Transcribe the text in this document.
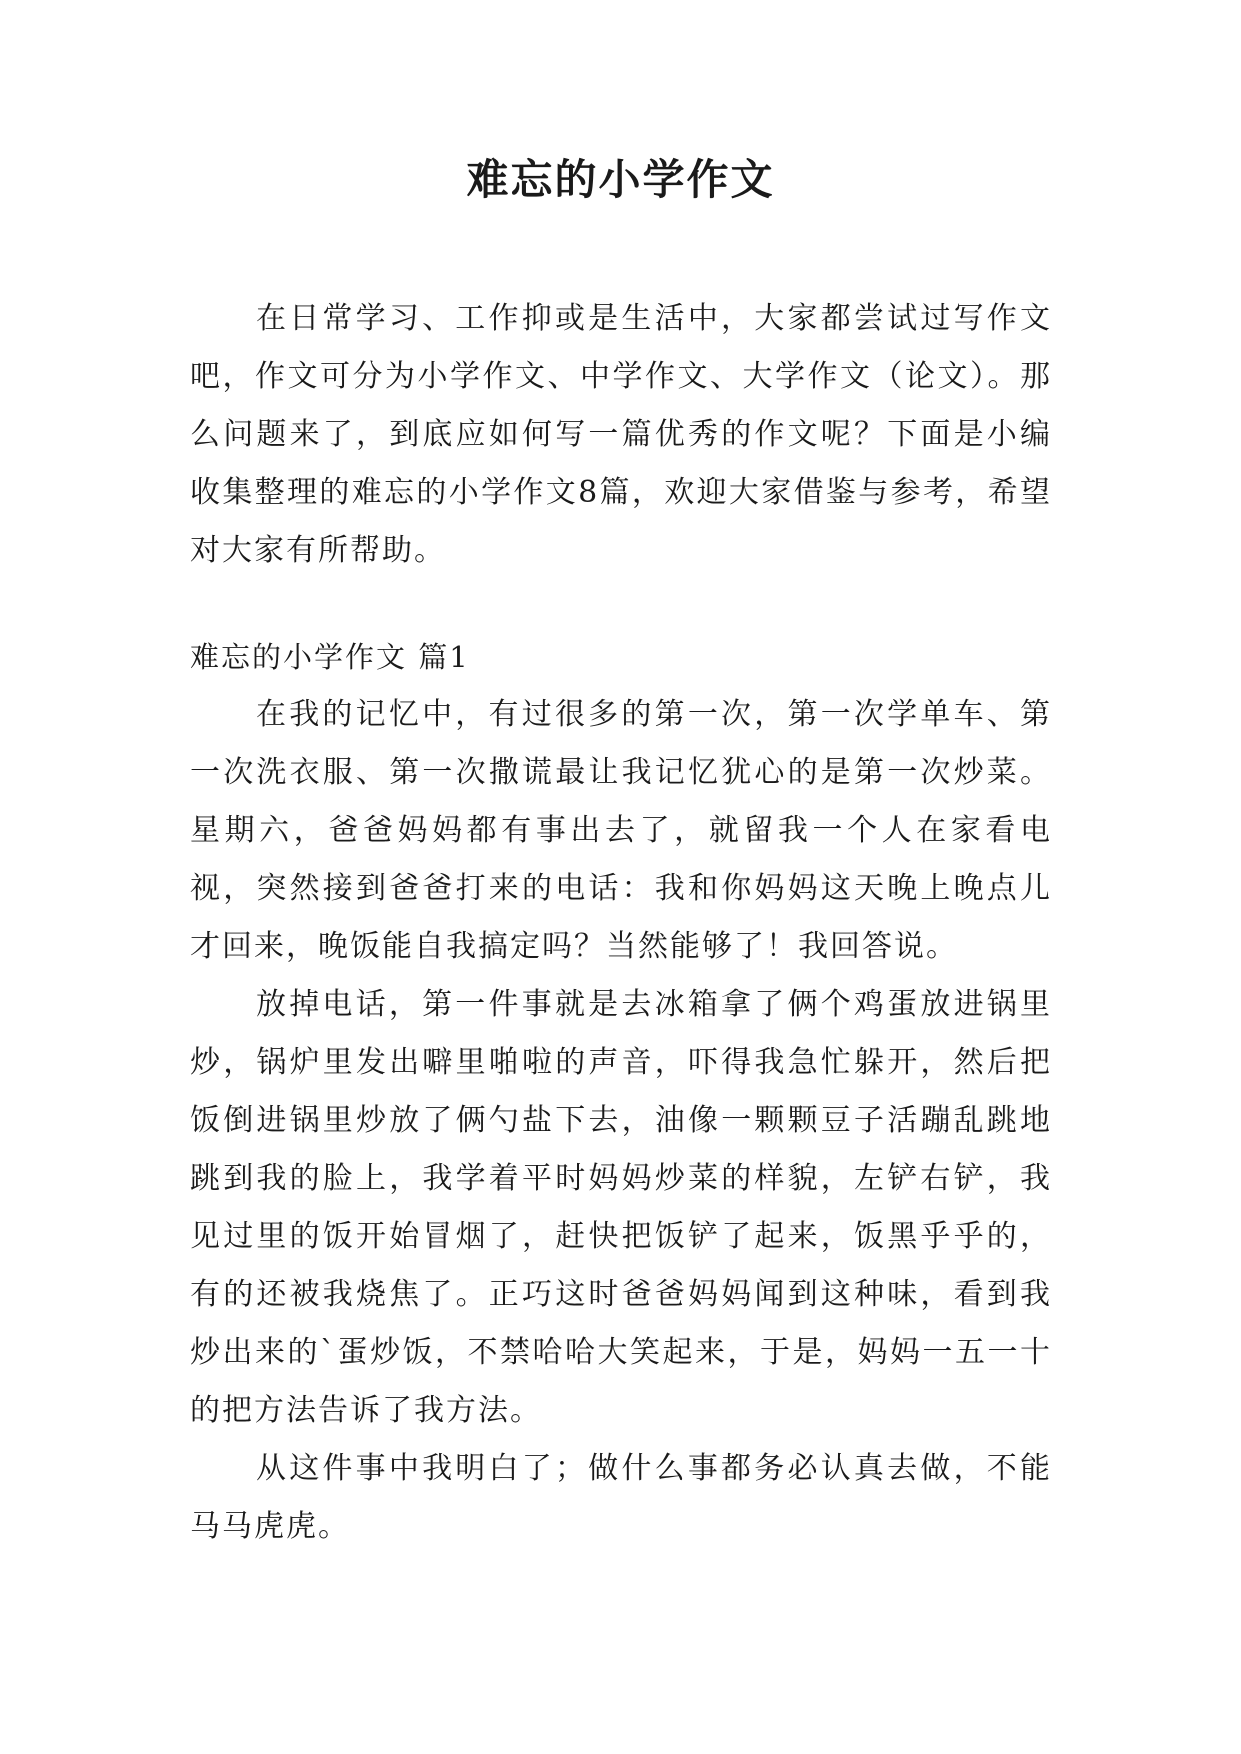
难忘的小学作文

在日常学习、工作抑或是生活中，大家都尝试过写作文吧，作文可分为小学作文、中学作文、大学作文（论文）。那么问题来了，到底应如何写一篇优秀的作文呢？下面是小编收集整理的难忘的小学作文8篇，欢迎大家借鉴与参考，希望对大家有所帮助。

难忘的小学作文 篇1

在我的记忆中，有过很多的第一次，第一次学单车、第一次洗衣服、第一次撒谎最让我记忆犹心的是第一次炒菜。星期六，爸爸妈妈都有事出去了，就留我一个人在家看电视，突然接到爸爸打来的电话：我和你妈妈这天晚上晚点儿才回来，晚饭能自我搞定吗？当然能够了！我回答说。

放掉电话，第一件事就是去冰箱拿了俩个鸡蛋放进锅里炒，锅炉里发出噼里啪啦的声音，吓得我急忙躲开，然后把饭倒进锅里炒放了俩勺盐下去，油像一颗颗豆子活蹦乱跳地跳到我的脸上，我学着平时妈妈炒菜的样貌，左铲右铲，我见过里的饭开始冒烟了，赶快把饭铲了起来，饭黑乎乎的，有的还被我烧焦了。正巧这时爸爸妈妈闻到这种味，看到我炒出来的`蛋炒饭，不禁哈哈大笑起来，于是，妈妈一五一十的把方法告诉了我方法。

从这件事中我明白了；做什么事都务必认真去做，不能马马虎虎。
